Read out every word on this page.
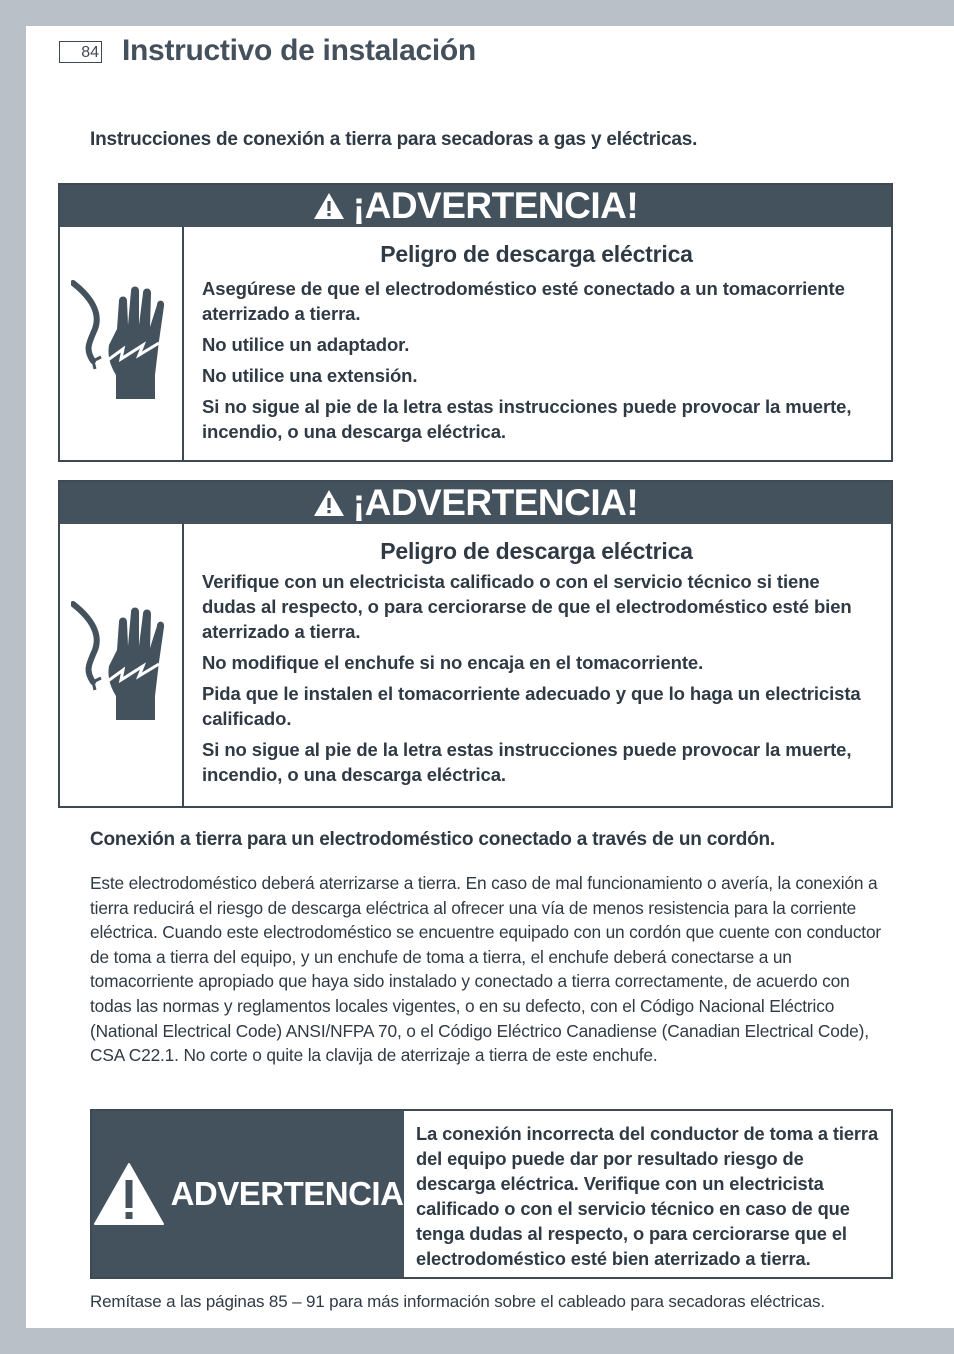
84 Instructivo de instalación
Instrucciones de conexión a tierra para secadoras a gas y eléctricas.
¡ADVERTENCIA!
Peligro de descarga eléctrica
Asegúrese de que el electrodoméstico esté conectado a un tomacorriente aterrizado a tierra.
No utilice un adaptador.
No utilice una extensión.
Si no sigue al pie de la letra estas instrucciones puede provocar la muerte, incendio, o una descarga eléctrica.
¡ADVERTENCIA!
Peligro de descarga eléctrica
Verifique con un electricista calificado o con el servicio técnico si tiene dudas al respecto, o para cerciorarse de que el electrodoméstico esté bien aterrizado a tierra.
No modifique el enchufe si no encaja en el tomacorriente.
Pida que le instalen el tomacorriente adecuado y que lo haga un electricista calificado.
Si no sigue al pie de la letra estas instrucciones puede provocar la muerte, incendio, o una descarga eléctrica.
Conexión a tierra para un electrodoméstico conectado a través de un cordón.
Este electrodoméstico deberá aterrizarse a tierra. En caso de mal funcionamiento o avería, la conexión a tierra reducirá el riesgo de descarga eléctrica al ofrecer una vía de menos resistencia para la corriente eléctrica. Cuando este electrodoméstico se encuentre equipado con un cordón que cuente con conductor de toma a tierra del equipo, y un enchufe de toma a tierra, el enchufe deberá conectarse a un tomacorriente apropiado que haya sido instalado y conectado a tierra correctamente, de acuerdo con todas las normas y reglamentos locales vigentes, o en su defecto, con el Código Nacional Eléctrico (National Electrical Code) ANSI/NFPA 70, o el Código Eléctrico Canadiense (Canadian Electrical Code), CSA C22.1. No corte o quite la clavija de aterrizaje a tierra de este enchufe.
ADVERTENCIA
La conexión incorrecta del conductor de toma a tierra del equipo puede dar por resultado riesgo de descarga eléctrica. Verifique con un electricista calificado o con el servicio técnico en caso de que tenga dudas al respecto, o para cerciorarse que el electrodoméstico esté bien aterrizado a tierra.
Remítase a las páginas 85 – 91 para más información sobre el cableado para secadoras eléctricas.
